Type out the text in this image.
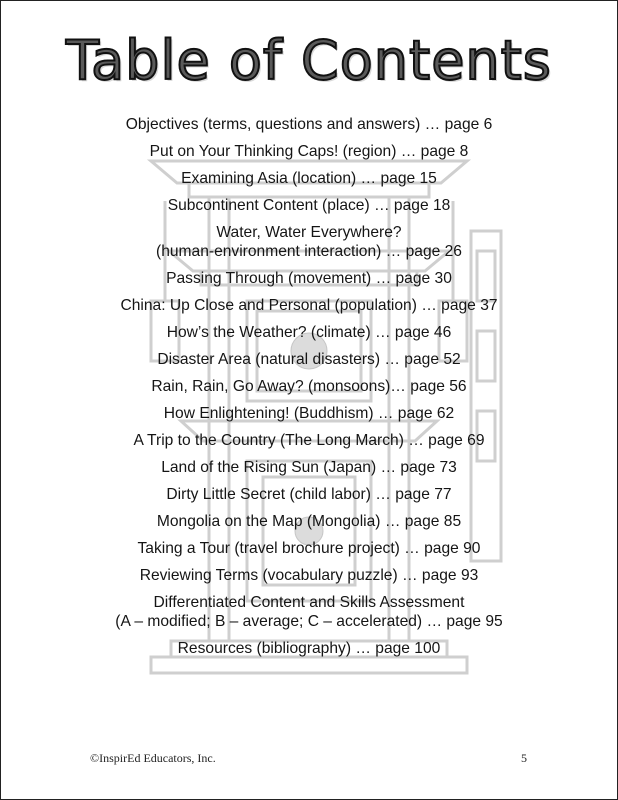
Table of Contents
Objectives (terms, questions and answers) … page 6
Put on Your Thinking Caps! (region) … page 8
Examining Asia (location) … page 15
Subcontinent Content (place) … page 18
Water, Water Everywhere?
(human-environment interaction) … page 26
Passing Through (movement) … page 30
China: Up Close and Personal (population) … page 37
How’s the Weather? (climate) … page 46
Disaster Area (natural disasters) … page 52
Rain, Rain, Go Away? (monsoons)… page 56
How Enlightening! (Buddhism) … page 62
A Trip to the Country (The Long March) … page 69
Land of the Rising Sun (Japan) … page 73
Dirty Little Secret (child labor) … page 77
Mongolia on the Map (Mongolia) … page 85
Taking a Tour (travel brochure project) … page 90
Reviewing Terms (vocabulary puzzle) … page 93
Differentiated Content and Skills Assessment
(A – modified; B – average; C – accelerated) … page 95
Resources (bibliography) … page 100
©InspirEd Educators, Inc.	5
